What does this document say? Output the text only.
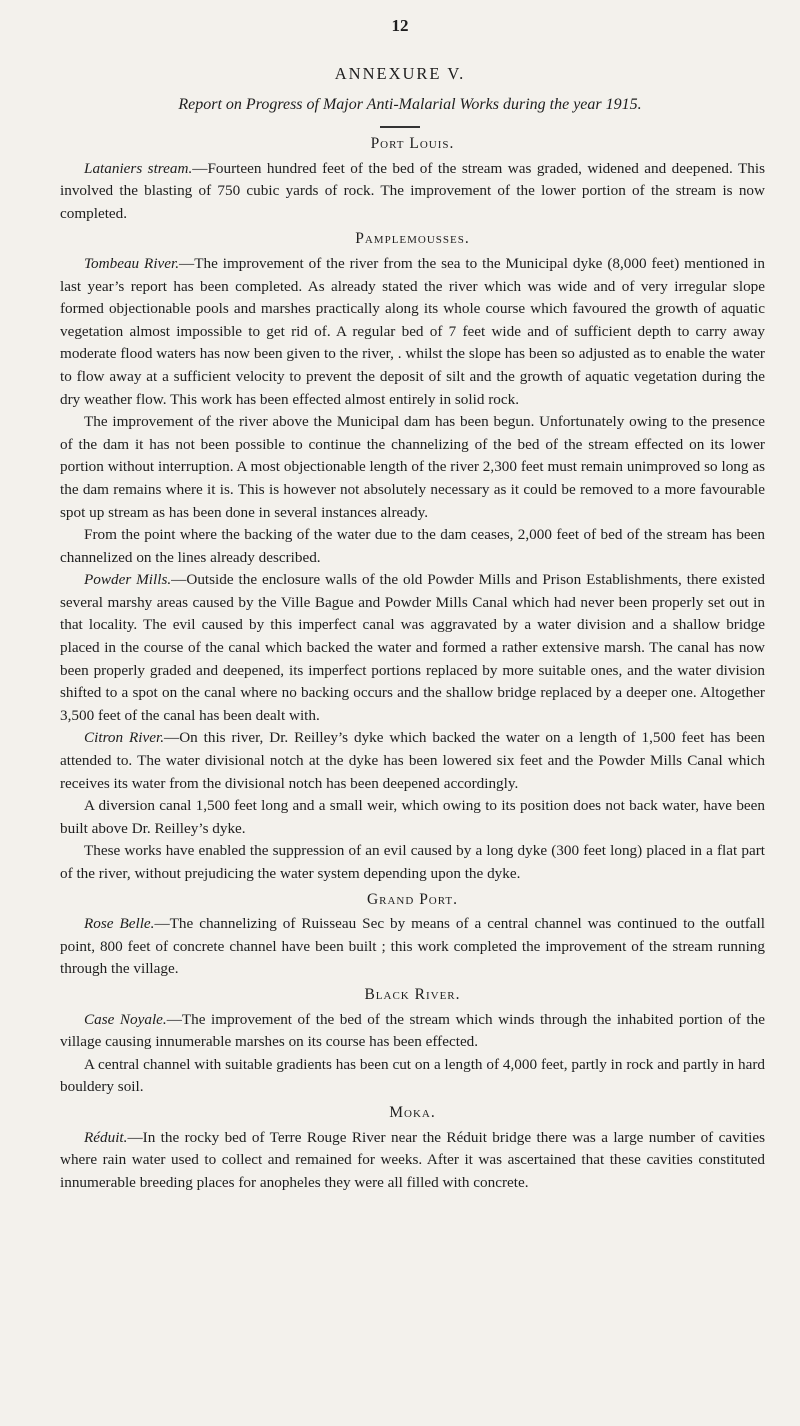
12
ANNEXURE V.
Report on Progress of Major Anti-Malarial Works during the year 1915.
Port Louis.

Lataniers stream.—Fourteen hundred feet of the bed of the stream was graded, widened and deepened. This involved the blasting of 750 cubic yards of rock. The improvement of the lower portion of the stream is now completed.

Pamplemousses.

Tombeau River.—The improvement of the river from the sea to the Municipal dyke (8,000 feet) mentioned in last year’s report has been completed. As already stated the river which was wide and of very irregular slope formed objectionable pools and marshes practically along its whole course which favoured the growth of aquatic vegetation almost impossible to get rid of. A regular bed of 7 feet wide and of sufficient depth to carry away moderate flood waters has now been given to the river, . whilst the slope has been so adjusted as to enable the water to flow away at a sufficient velocity to prevent the deposit of silt and the growth of aquatic vegetation during the dry weather flow. This work has been effected almost entirely in solid rock.

The improvement of the river above the Municipal dam has been begun. Unfortunately owing to the presence of the dam it has not been possible to continue the channelizing of the bed of the stream effected on its lower portion without interruption. A most objectionable length of the river 2,300 feet must remain unimproved so long as the dam remains where it is. This is however not absolutely necessary as it could be removed to a more favourable spot up stream as has been done in several instances already.

From the point where the backing of the water due to the dam ceases, 2,000 feet of bed of the stream has been channelized on the lines already described.

Powder Mills.—Outside the enclosure walls of the old Powder Mills and Prison Establishments, there existed several marshy areas caused by the Ville Bague and Powder Mills Canal which had never been properly set out in that locality. The evil caused by this imperfect canal was aggravated by a water division and a shallow bridge placed in the course of the canal which backed the water and formed a rather extensive marsh. The canal has now been properly graded and deepened, its imperfect portions replaced by more suitable ones, and the water division shifted to a spot on the canal where no backing occurs and the shallow bridge replaced by a deeper one. Altogether 3,500 feet of the canal has been dealt with.

Citron River.—On this river, Dr. Reilley’s dyke which backed the water on a length of 1,500 feet has been attended to. The water divisional notch at the dyke has been lowered six feet and the Powder Mills Canal which receives its water from the divisional notch has been deepened accordingly.

A diversion canal 1,500 feet long and a small weir, which owing to its position does not back water, have been built above Dr. Reilley’s dyke.

These works have enabled the suppression of an evil caused by a long dyke (300 feet long) placed in a flat part of the river, without prejudicing the water system depending upon the dyke.

Grand Port.

Rose Belle.—The channelizing of Ruisseau Sec by means of a central channel was continued to the outfall point, 800 feet of concrete channel have been built ; this work completed the improvement of the stream running through the village.

Black River.

Case Noyale.—The improvement of the bed of the stream which winds through the inhabited portion of the village causing innumerable marshes on its course has been effected.

A central channel with suitable gradients has been cut on a length of 4,000 feet, partly in rock and partly in hard bouldery soil.

Moka.

Réduit.—In the rocky bed of Terre Rouge River near the Réduit bridge there was a large number of cavities where rain water used to collect and remained for weeks. After it was ascertained that these cavities constituted innumerable breeding places for anopheles they were all filled with concrete.
